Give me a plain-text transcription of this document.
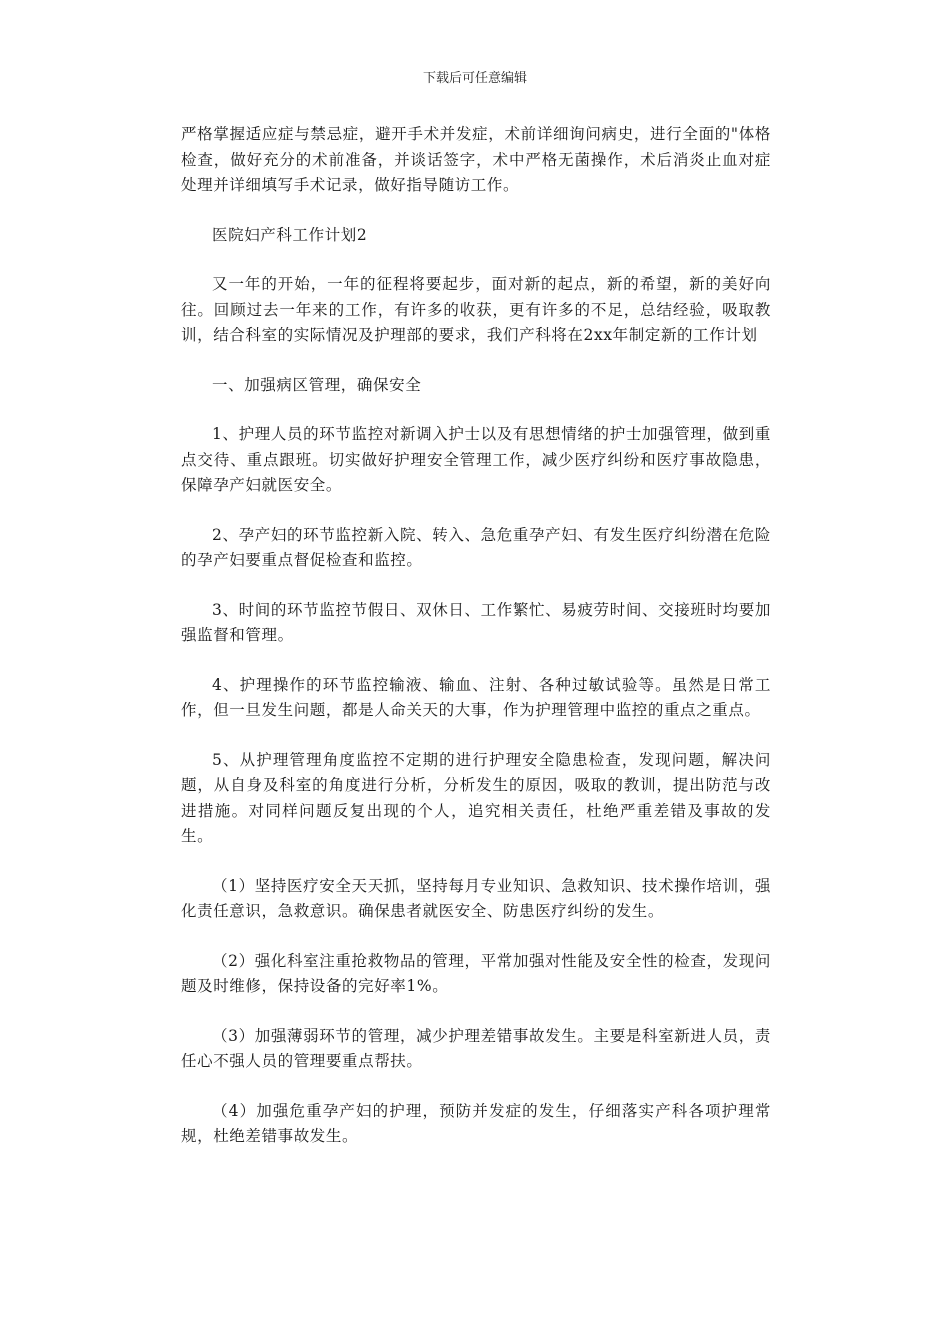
下载后可任意编辑

严格掌握适应症与禁忌症，避开手术并发症，术前详细询问病史，进行全面的"体格检查，做好充分的术前准备，并谈话签字，术中严格无菌操作，术后消炎止血对症处理并详细填写手术记录，做好指导随访工作。

医院妇产科工作计划2

又一年的开始，一年的征程将要起步，面对新的起点，新的希望，新的美好向往。回顾过去一年来的工作，有许多的收获，更有许多的不足，总结经验，吸取教训，结合科室的实际情况及护理部的要求，我们产科将在2xx年制定新的工作计划

一、加强病区管理，确保安全

1、护理人员的环节监控对新调入护士以及有思想情绪的护士加强管理，做到重点交待、重点跟班。切实做好护理安全管理工作，减少医疗纠纷和医疗事故隐患，保障孕产妇就医安全。

2、孕产妇的环节监控新入院、转入、急危重孕产妇、有发生医疗纠纷潜在危险的孕产妇要重点督促检查和监控。

3、时间的环节监控节假日、双休日、工作繁忙、易疲劳时间、交接班时均要加强监督和管理。

4、护理操作的环节监控输液、输血、注射、各种过敏试验等。虽然是日常工作，但一旦发生问题，都是人命关天的大事，作为护理管理中监控的重点之重点。

5、从护理管理角度监控不定期的进行护理安全隐患检查，发现问题，解决问题，从自身及科室的角度进行分析，分析发生的原因，吸取的教训，提出防范与改进措施。对同样问题反复出现的个人，追究相关责任，杜绝严重差错及事故的发生。

（1）坚持医疗安全天天抓，坚持每月专业知识、急救知识、技术操作培训，强化责任意识，急救意识。确保患者就医安全、防患医疗纠纷的发生。

（2）强化科室注重抢救物品的管理，平常加强对性能及安全性的检查，发现问题及时维修，保持设备的完好率1%。

（3）加强薄弱环节的管理，减少护理差错事故发生。主要是科室新进人员，责任心不强人员的管理要重点帮扶。

（4）加强危重孕产妇的护理，预防并发症的发生，仔细落实产科各项护理常规，杜绝差错事故发生。
